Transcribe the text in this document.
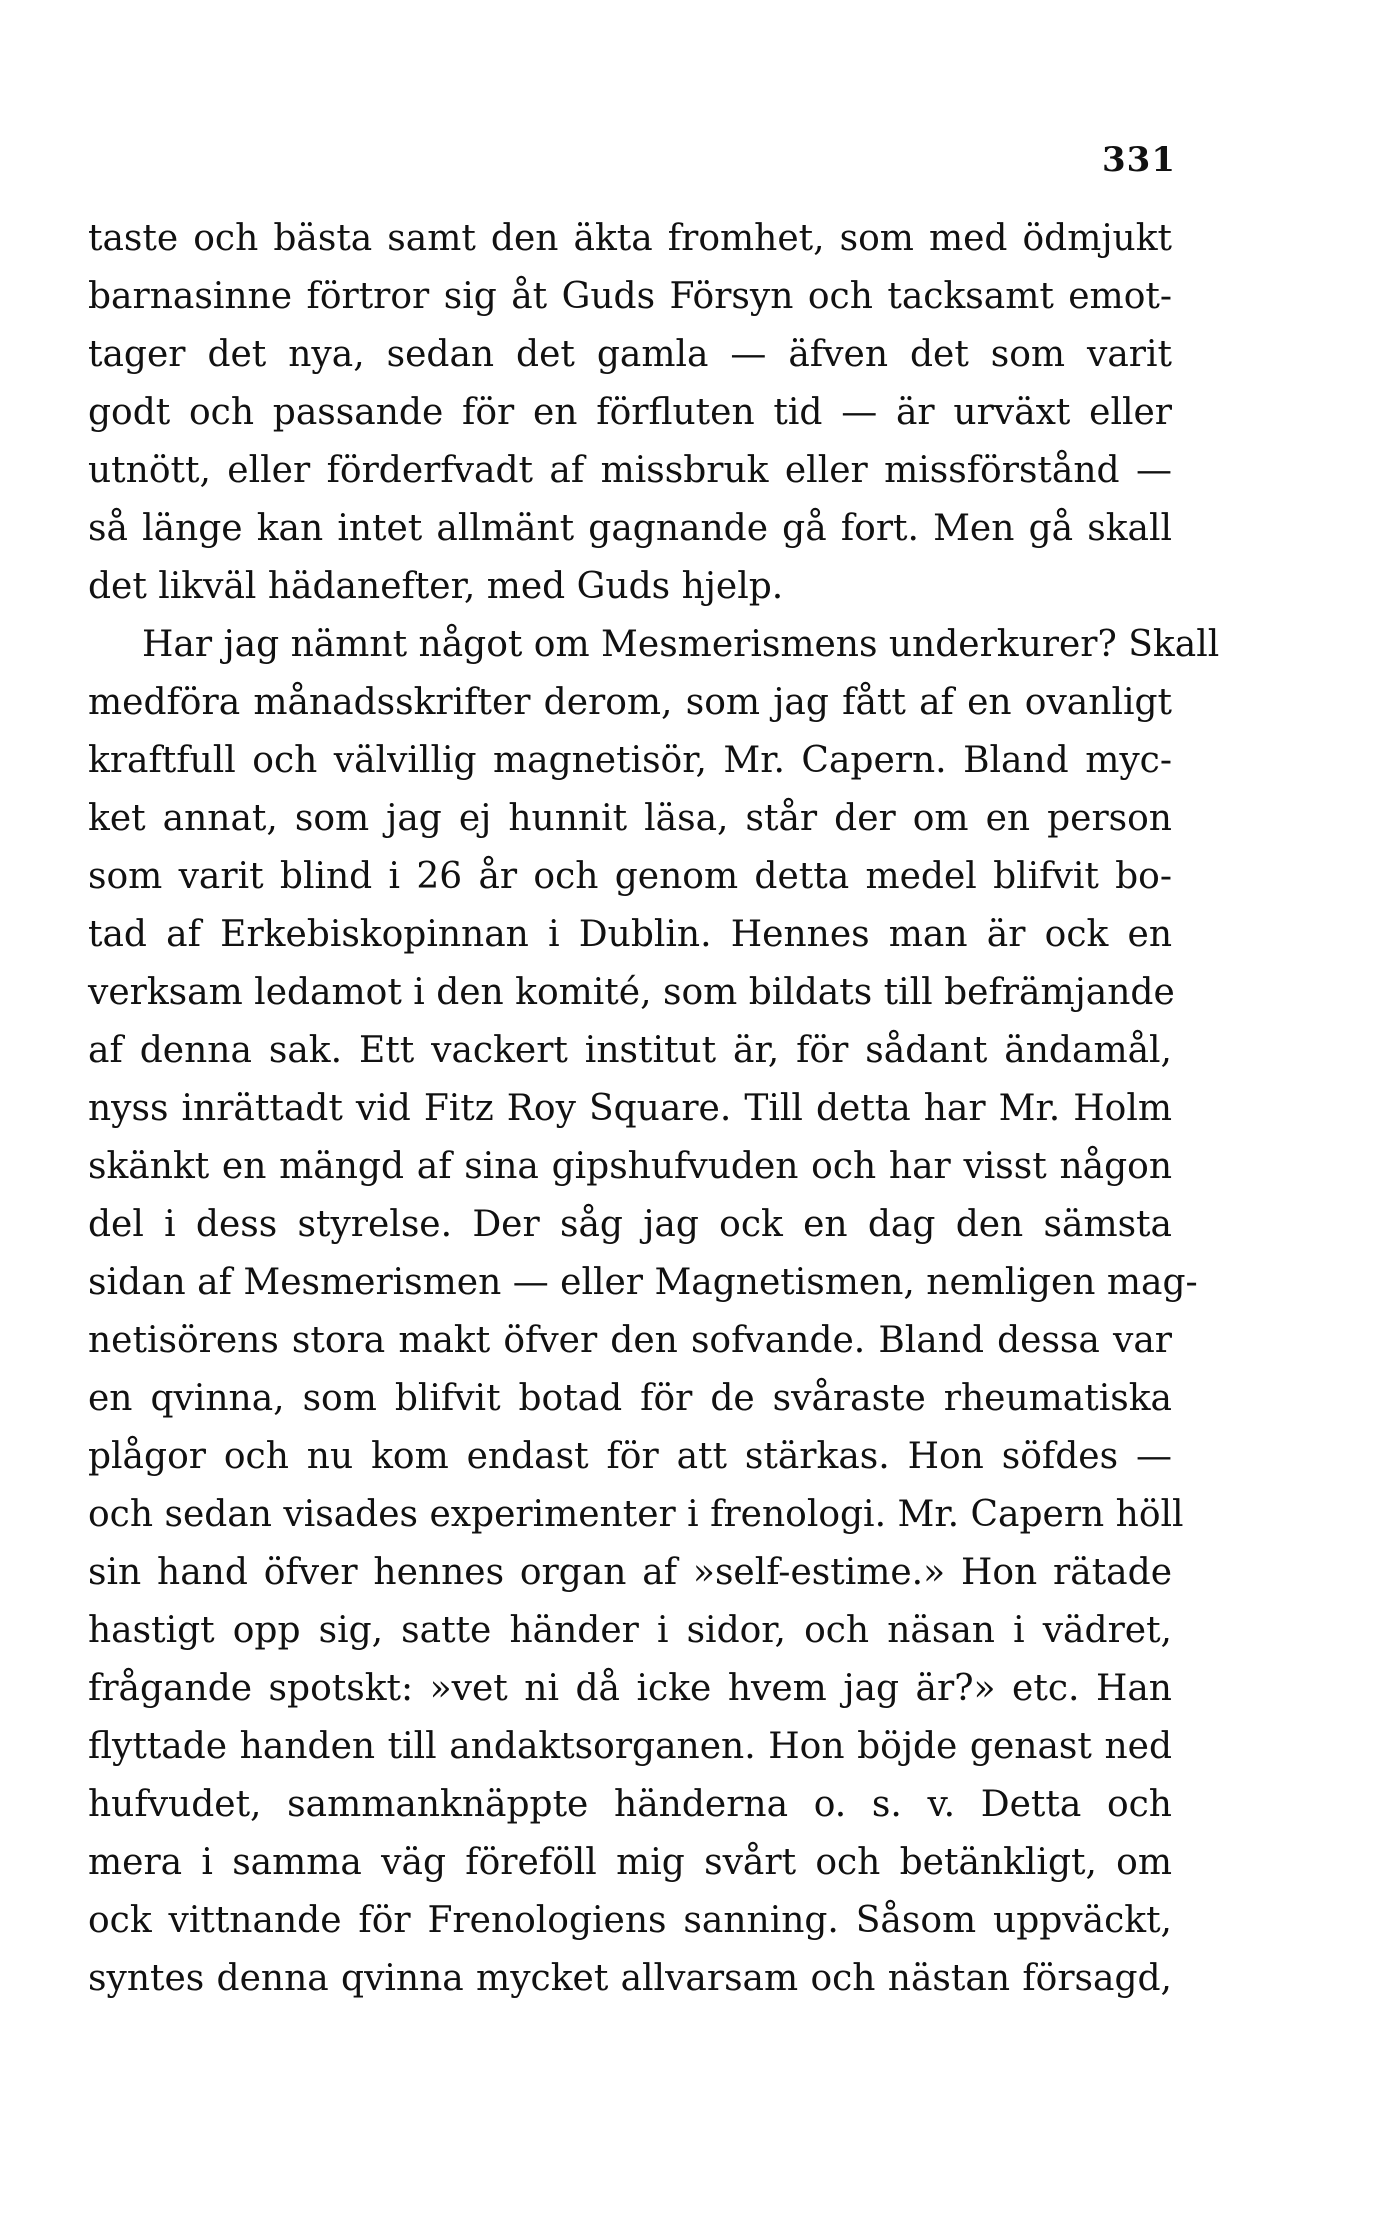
331
taste och bästa samt den äkta fromhet, som med ödmjukt
barnasinne förtror sig åt Guds Försyn och tacksamt emot-
tager det nya, sedan det gamla — äfven det som varit
godt och passande för en förfluten tid — är urväxt eller
utnött, eller förderfvadt af missbruk eller missförstånd —
så länge kan intet allmänt gagnande gå fort. Men gå skall
det likväl hädanefter, med Guds hjelp.
Har jag nämnt något om Mesmerismens underkurer? Skall
medföra månadsskrifter derom, som jag fått af en ovanligt
kraftfull och välvillig magnetisör, Mr. Capern. Bland myc-
ket annat, som jag ej hunnit läsa, står der om en person
som varit blind i 26 år och genom detta medel blifvit bo-
tad af Erkebiskopinnan i Dublin. Hennes man är ock en
verksam ledamot i den komité, som bildats till befrämjande
af denna sak. Ett vackert institut är, för sådant ändamål,
nyss inrättadt vid Fitz Roy Square. Till detta har Mr. Holm
skänkt en mängd af sina gipshufvuden och har visst någon
del i dess styrelse. Der såg jag ock en dag den sämsta
sidan af Mesmerismen — eller Magnetismen, nemligen mag-
netisörens stora makt öfver den sofvande. Bland dessa var
en qvinna, som blifvit botad för de svåraste rheumatiska
plågor och nu kom endast för att stärkas. Hon söfdes —
och sedan visades experimenter i frenologi. Mr. Capern höll
sin hand öfver hennes organ af »self-estime.» Hon rätade
hastigt opp sig, satte händer i sidor, och näsan i vädret,
frågande spotskt: »vet ni då icke hvem jag är?» etc. Han
flyttade handen till andaktsorganen. Hon böjde genast ned
hufvudet, sammanknäppte händerna o. s. v. Detta och
mera i samma väg föreföll mig svårt och betänkligt, om
ock vittnande för Frenologiens sanning. Såsom uppväckt,
syntes denna qvinna mycket allvarsam och nästan försagd,
